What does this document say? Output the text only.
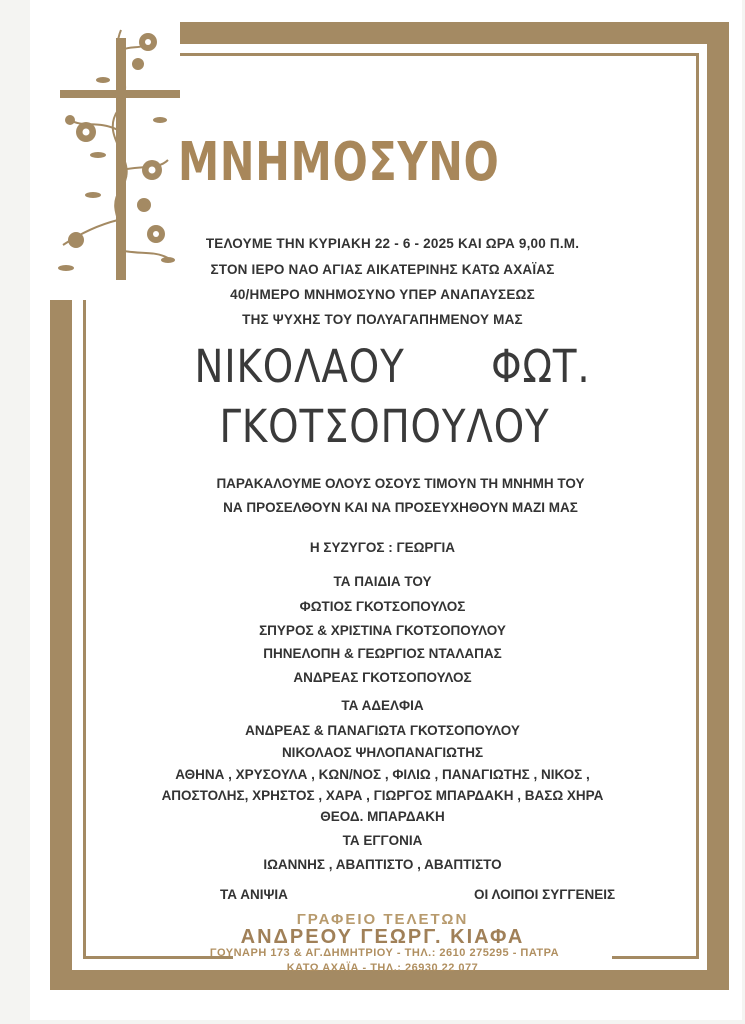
ΜΝΗΜΟΣΥΝΟ
ΤΕΛΟΥΜΕ ΤΗΝ ΚΥΡΙΑΚΗ 22 - 6 - 2025 ΚΑΙ ΩΡΑ 9,00 Π.Μ.
ΣΤΟΝ ΙΕΡΟ ΝΑΟ ΑΓΙΑΣ ΑΙΚΑΤΕΡΙΝΗΣ ΚΑΤΩ ΑΧΑΪΑΣ
40/ΗΜΕΡΟ ΜΝΗΜΟΣΥΝΟ ΥΠΕΡ ΑΝΑΠΑΥΣΕΩΣ
ΤΗΣ ΨΥΧΗΣ ΤΟΥ ΠΟΛΥΑΓΑΠΗΜΕΝΟΥ ΜΑΣ
ΝΙΚΟΛΑΟΥ ΦΩΤ.
ΓΚΟΤΣΟΠΟΥΛΟΥ
ΠΑΡΑΚΑΛΟΥΜΕ ΟΛΟΥΣ ΟΣΟΥΣ ΤΙΜΟΥΝ ΤΗ ΜΝΗΜΗ ΤΟΥ
ΝΑ ΠΡΟΣΕΛΘΟΥΝ ΚΑΙ ΝΑ ΠΡΟΣΕΥΧΗΘΟΥΝ ΜΑΖΙ ΜΑΣ
Η ΣΥΖΥΓΟΣ : ΓΕΩΡΓΙΑ
ΤΑ ΠΑΙΔΙΑ ΤΟΥ
ΦΩΤΙΟΣ ΓΚΟΤΣΟΠΟΥΛΟΣ
ΣΠΥΡΟΣ & ΧΡΙΣΤΙΝΑ ΓΚΟΤΣΟΠΟΥΛΟΥ
ΠΗΝΕΛΟΠΗ & ΓΕΩΡΓΙΟΣ ΝΤΑΛΑΠΑΣ
ΑΝΔΡΕΑΣ ΓΚΟΤΣΟΠΟΥΛΟΣ
ΤΑ ΑΔΕΛΦΙΑ
ΑΝΔΡΕΑΣ & ΠΑΝΑΓΙΩΤΑ ΓΚΟΤΣΟΠΟΥΛΟΥ
ΝΙΚΟΛΑΟΣ ΨΗΛΟΠΑΝΑΓΙΩΤΗΣ
ΑΘΗΝΑ , ΧΡΥΣΟΥΛΑ , ΚΩΝ/ΝΟΣ , ΦΙΛΙΩ , ΠΑΝΑΓΙΩΤΗΣ , ΝΙΚΟΣ ,
ΑΠΟΣΤΟΛΗΣ, ΧΡΗΣΤΟΣ , ΧΑΡΑ , ΓΙΩΡΓΟΣ ΜΠΑΡΔΑΚΗ , ΒΑΣΩ ΧΗΡΑ
ΘΕΟΔ. ΜΠΑΡΔΑΚΗ
ΤΑ ΕΓΓΟΝΙΑ
ΙΩΑΝΝΗΣ , ΑΒΑΠΤΙΣΤΟ , ΑΒΑΠΤΙΣΤΟ
ΤΑ ΑΝΙΨΙΑ	ΟΙ ΛΟΙΠΟΙ ΣΥΓΓΕΝΕΙΣ
ΓΡΑΦΕΙΟ ΤΕΛΕΤΩΝ
ΑΝΔΡΕΟΥ ΓΕΩΡΓ. ΚΙΑΦΑ
ΓΟΥΝΑΡΗ 173 & ΑΓ.ΔΗΜΗΤΡΙΟΥ - ΤΗΛ.: 2610 275295 - ΠΑΤΡΑ
ΚΑΤΩ ΑΧΑΪΑ - ΤΗΛ.: 26930 22 077
